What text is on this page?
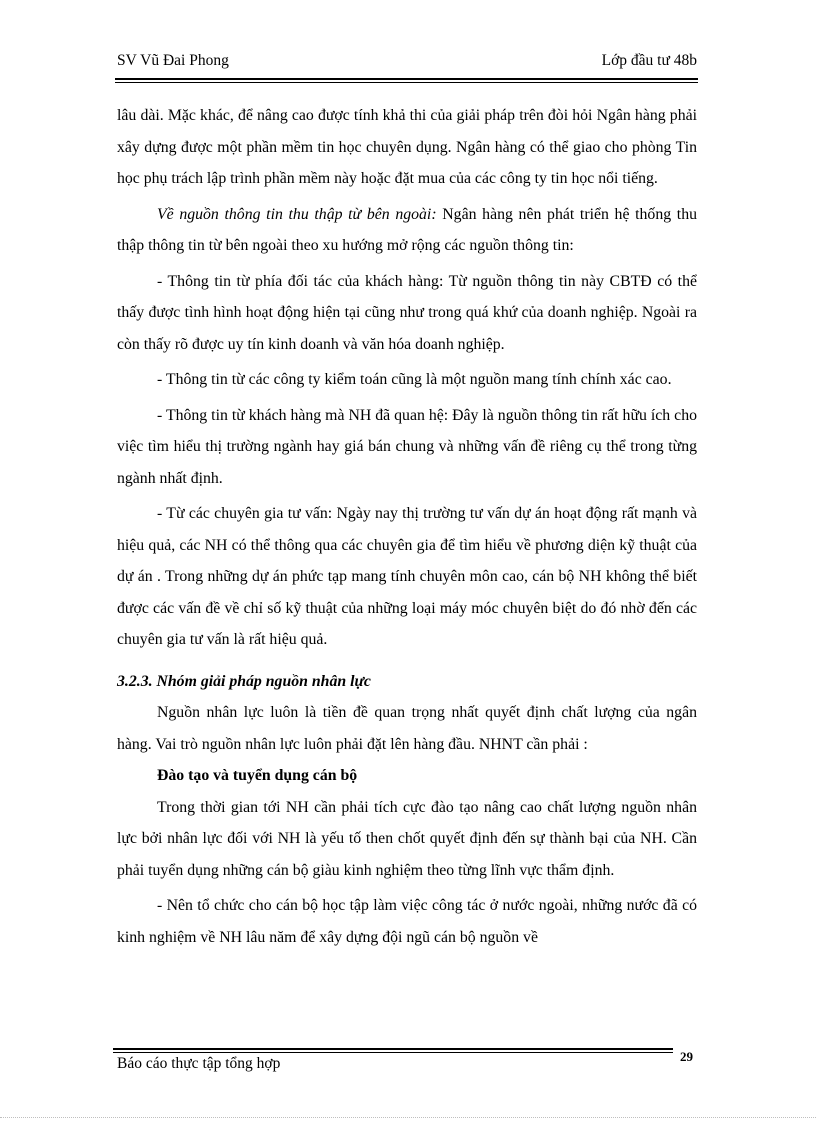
SV Vũ Đai Phong	Lớp đầu tư 48b

lâu dài. Mặc khác, để nâng cao được tính khả thi của giải pháp trên đòi hỏi Ngân hàng phải xây dựng được một phần mềm tin học chuyên dụng. Ngân hàng có thể giao cho phòng Tin học phụ trách lập trình phần mềm này hoặc đặt mua của các công ty tin học nổi tiếng.

Về nguồn thông tin thu thập từ bên ngoài: Ngân hàng nên phát triển hệ thống thu thập thông tin từ bên ngoài theo xu hướng mở rộng các nguồn thông tin:

- Thông tin từ phía đối tác của khách hàng: Từ nguồn thông tin này CBTĐ có thể thấy được tình hình hoạt động hiện tại cũng như trong quá khứ của doanh nghiệp. Ngoài ra còn thấy rõ được uy tín kinh doanh và văn hóa doanh nghiệp.

- Thông tin từ các công ty kiểm toán cũng là một nguồn mang tính chính xác cao.

- Thông tin từ khách hàng mà NH đã quan hệ: Đây là nguồn thông tin rất hữu ích cho việc tìm hiểu thị trường ngành hay giá bán chung và những vấn đề riêng cụ thể trong từng ngành nhất định.

- Từ các chuyên gia tư vấn: Ngày nay thị trường tư vấn dự án hoạt động rất mạnh và hiệu quả, các NH có thể thông qua các chuyên gia để tìm hiểu về phương diện kỹ thuật của dự án . Trong những dự án phức tạp mang tính chuyên môn cao, cán bộ NH không thể biết được các vấn đề về chỉ số kỹ thuật của những loại máy móc chuyên biệt do đó nhờ đến các chuyên gia tư vấn là rất hiệu quả.

3.2.3. Nhóm giải pháp nguồn nhân lực

Nguồn nhân lực luôn là tiền đề quan trọng nhất quyết định chất lượng của ngân hàng. Vai trò nguồn nhân lực luôn phải đặt lên hàng đầu. NHNT cần phải :

Đào tạo và tuyển dụng cán bộ

Trong thời gian tới NH cần phải tích cực đào tạo nâng cao chất lượng nguồn nhân lực bởi nhân lực đối với NH là yếu tố then chốt quyết định đến sự thành bại của NH. Cần phải tuyển dụng những cán bộ giàu kinh nghiệm theo từng lĩnh vực thẩm định.

- Nên tổ chức cho cán bộ học tập làm việc công tác ở nước ngoài, những nước đã có kinh nghiệm về NH lâu năm để xây dựng đội ngũ cán bộ nguồn về

Báo cáo thực tập tổng hợp	29
